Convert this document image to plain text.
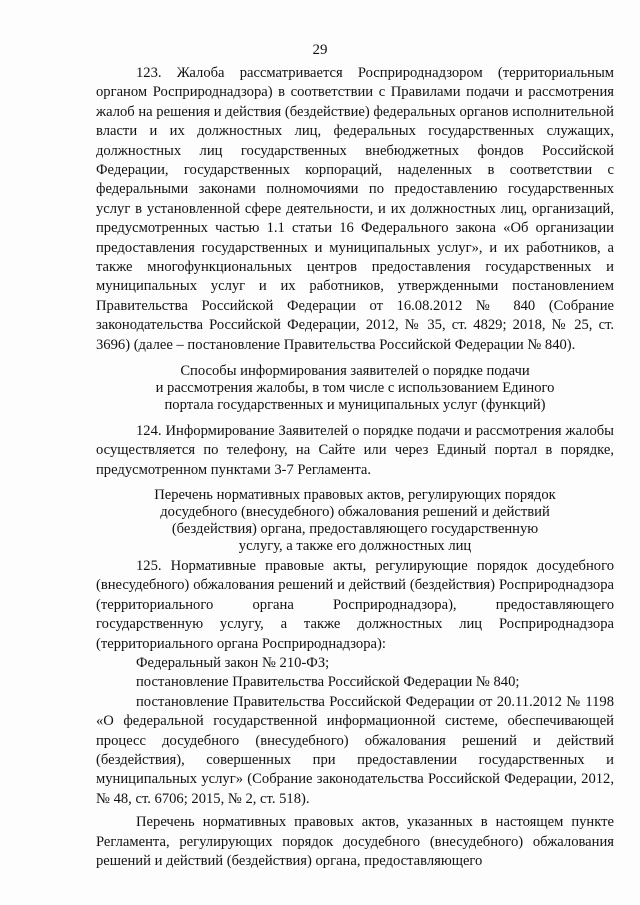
29

123. Жалоба рассматривается Росприроднадзором (территориальным органом Росприроднадзора) в соответствии с Правилами подачи и рассмотрения жалоб на решения и действия (бездействие) федеральных органов исполнительной власти и их должностных лиц, федеральных государственных служащих, должностных лиц государственных внебюджетных фондов Российской Федерации, государственных корпораций, наделенных в соответствии с федеральными законами полномочиями по предоставлению государственных услуг в установленной сфере деятельности, и их должностных лиц, организаций, предусмотренных частью 1.1 статьи 16 Федерального закона «Об организации предоставления государственных и муниципальных услуг», и их работников, а также многофункциональных центров предоставления государственных и муниципальных услуг и их работников, утвержденными постановлением Правительства Российской Федерации от 16.08.2012 № 840 (Собрание законодательства Российской Федерации, 2012, № 35, ст. 4829; 2018, № 25, ст. 3696) (далее – постановление Правительства Российской Федерации № 840).

Способы информирования заявителей о порядке подачи
и рассмотрения жалобы, в том числе с использованием Единого
портала государственных и муниципальных услуг (функций)

124. Информирование Заявителей о порядке подачи и рассмотрения жалобы осуществляется по телефону, на Сайте или через Единый портал в порядке, предусмотренном пунктами 3-7 Регламента.

Перечень нормативных правовых актов, регулирующих порядок
досудебного (внесудебного) обжалования решений и действий
(бездействия) органа, предоставляющего государственную
услугу, а также его должностных лиц

125. Нормативные правовые акты, регулирующие порядок досудебного (внесудебного) обжалования решений и действий (бездействия) Росприроднадзора (территориального органа Росприроднадзора), предоставляющего государственную услугу, а также должностных лиц Росприроднадзора (территориального органа Росприроднадзора):

Федеральный закон № 210-ФЗ;

постановление Правительства Российской Федерации № 840;

постановление Правительства Российской Федерации от 20.11.2012 № 1198 «О федеральной государственной информационной системе, обеспечивающей процесс досудебного (внесудебного) обжалования решений и действий (бездействия), совершенных при предоставлении государственных и муниципальных услуг» (Собрание законодательства Российской Федерации, 2012, № 48, ст. 6706; 2015, № 2, ст. 518).

Перечень нормативных правовых актов, указанных в настоящем пункте Регламента, регулирующих порядок досудебного (внесудебного) обжалования решений и действий (бездействия) органа, предоставляющего
